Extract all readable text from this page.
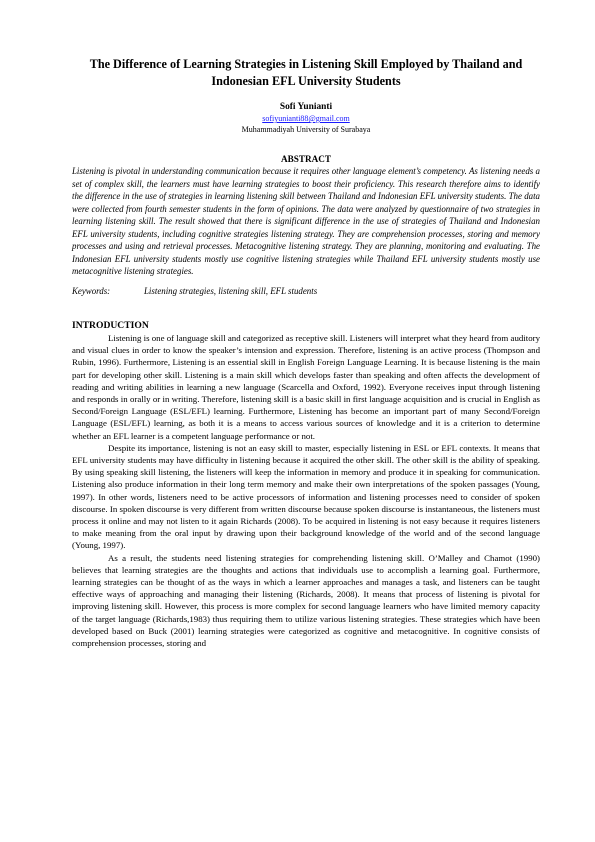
The Difference of Learning Strategies in Listening Skill Employed by Thailand and Indonesian EFL University Students
Sofi Yunianti
sofiyunianti88@gmail.com
Muhammadiyah University of Surabaya
ABSTRACT

Listening is pivotal in understanding communication because it requires other language element’s competency. As listening needs a set of complex skill, the learners must have learning strategies to boost their proficiency. This research therefore aims to identify the difference in the use of strategies in learning listening skill between Thailand and Indonesian EFL university students. The data were collected from fourth semester students in the form of opinions. The data were analyzed by questionnaire of two strategies in learning listening skill. The result showed that there is significant difference in the use of strategies of Thailand and Indonesian EFL university students, including cognitive strategies listening strategy. They are comprehension processes, storing and memory processes and using and retrieval processes. Metacognitive listening strategy. They are planning, monitoring and evaluating. The Indonesian EFL university students mostly use cognitive listening strategies while Thailand EFL university students mostly use metacognitive listening strategies.

Keywords:	Listening strategies, listening skill, EFL students
INTRODUCTION

Listening is one of language skill and categorized as receptive skill. Listeners will interpret what they heard from auditory and visual clues in order to know the speaker’s intension and expression. Therefore, listening is an active process (Thompson and Rubin, 1996). Furthermore, Listening is an essential skill in English Foreign Language Learning. It is because listening is the main part for developing other skill. Listening is a main skill which develops faster than speaking and often affects the development of reading and writing abilities in learning a new language (Scarcella and Oxford, 1992). Everyone receives input through listening and responds in orally or in writing. Therefore, listening skill is a basic skill in first language acquisition and is crucial in English as Second/Foreign Language (ESL/EFL) learning. Furthermore, Listening has become an important part of many Second/Foreign Language (ESL/EFL) learning, as both it is a means to access various sources of knowledge and it is a criterion to determine whether an EFL learner is a competent language performance or not.

Despite its importance, listening is not an easy skill to master, especially listening in ESL or EFL contexts. It means that EFL university students may have difficulty in listening because it acquired the other skill. The other skill is the ability of speaking. By using speaking skill listening, the listeners will keep the information in memory and produce it in speaking for communication. Listening also produce information in their long term memory and make their own interpretations of the spoken passages (Young, 1997). In other words, listeners need to be active processors of information and listening processes need to consider of spoken discourse. In spoken discourse is very different from written discourse because spoken discourse is instantaneous, the listeners must process it online and may not listen to it again Richards (2008). To be acquired in listening is not easy because it requires listeners to make meaning from the oral input by drawing upon their background knowledge of the world and of the second language (Young, 1997).

As a result, the students need listening strategies for comprehending listening skill. O’Malley and Chamot (1990) believes that learning strategies are the thoughts and actions that individuals use to accomplish a learning goal. Furthermore, learning strategies can be thought of as the ways in which a learner approaches and manages a task, and listeners can be taught effective ways of approaching and managing their listening (Richards, 2008). It means that process of listening is pivotal for improving listening skill. However, this process is more complex for second language learners who have limited memory capacity of the target language (Richards,1983) thus requiring them to utilize various listening strategies. These strategies which have been developed based on Buck (2001) learning strategies were categorized as cognitive and metacognitive. In cognitive consists of comprehension processes, storing and
